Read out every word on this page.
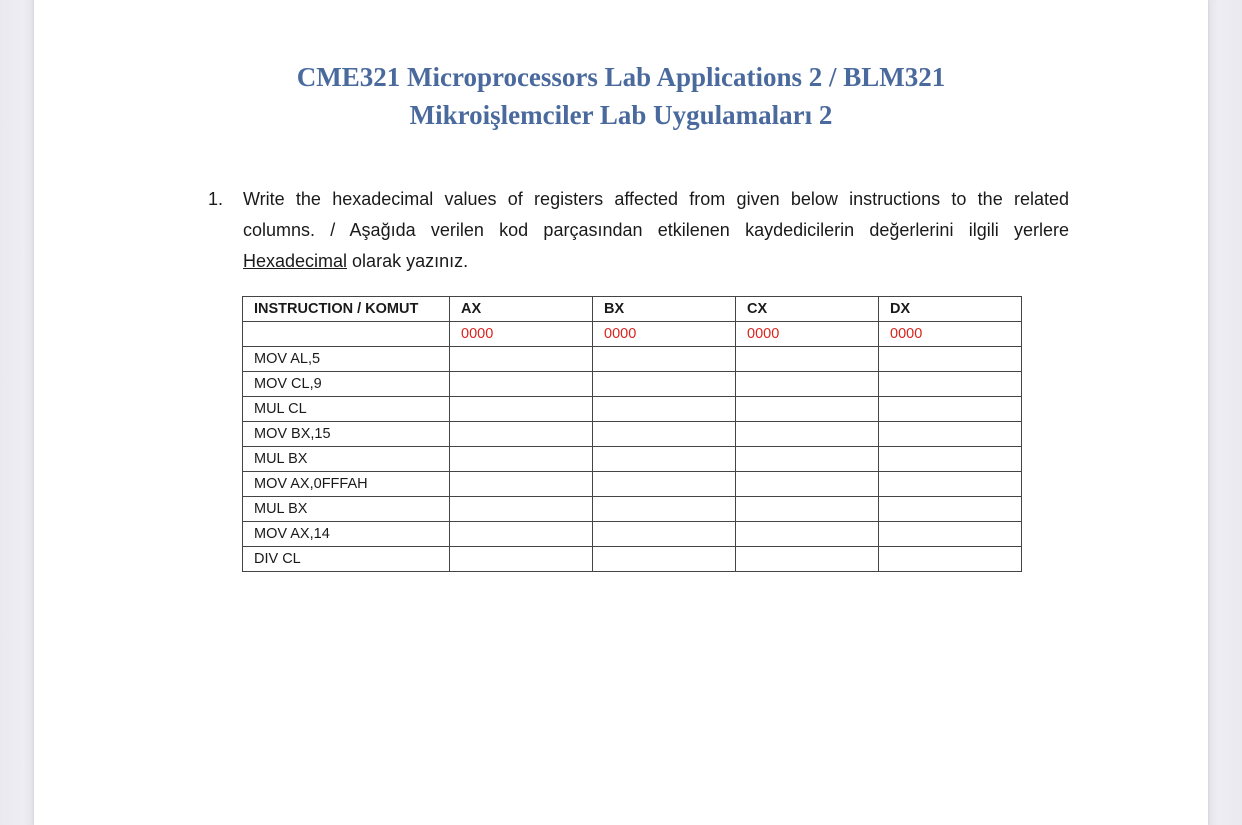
CME321 Microprocessors Lab Applications 2 / BLM321
Mikroişlemciler Lab Uygulamaları 2
1. Write the hexadecimal values of registers affected from given below instructions to the related
columns. / Aşağıda verilen kod parçasından etkilenen kaydedicilerin değerlerini ilgili yerlere
Hexadecimal olarak yazınız.
INSTRUCTION / KOMUT	AX	BX	CX	DX
	0000	0000	0000	0000
MOV AL,5				
MOV CL,9				
MUL CL				
MOV BX,15				
MUL BX				
MOV AX,0FFFAH				
MUL BX				
MOV AX,14				
DIV CL				
